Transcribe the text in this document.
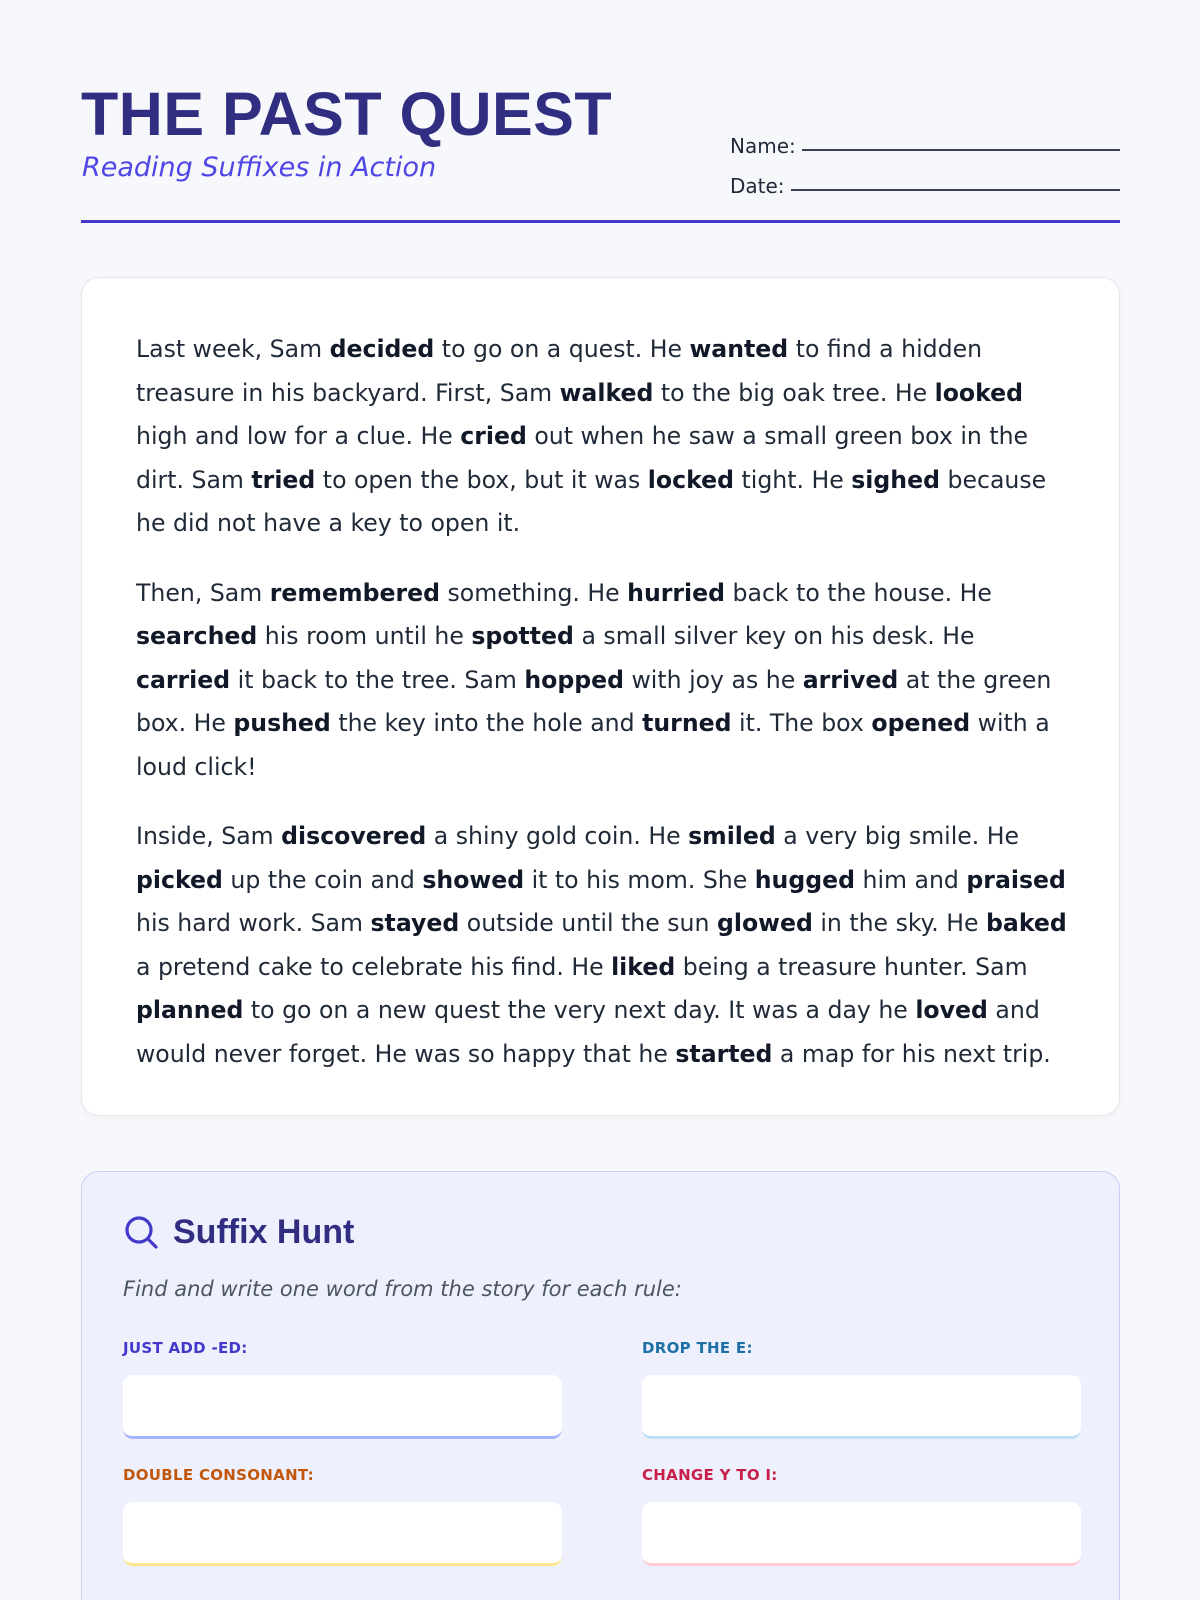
THE PAST QUEST
Reading Suffixes in Action
Name:
Date:

Last week, Sam decided to go on a quest. He wanted to find a hidden treasure in his backyard. First, Sam walked to the big oak tree. He looked high and low for a clue. He cried out when he saw a small green box in the dirt. Sam tried to open the box, but it was locked tight. He sighed because he did not have a key to open it.

Then, Sam remembered something. He hurried back to the house. He searched his room until he spotted a small silver key on his desk. He carried it back to the tree. Sam hopped with joy as he arrived at the green box. He pushed the key into the hole and turned it. The box opened with a loud click!

Inside, Sam discovered a shiny gold coin. He smiled a very big smile. He picked up the coin and showed it to his mom. She hugged him and praised his hard work. Sam stayed outside until the sun glowed in the sky. He baked a pretend cake to celebrate his find. He liked being a treasure hunter. Sam planned to go on a new quest the very next day. It was a day he loved and would never forget. He was so happy that he started a map for his next trip.

Suffix Hunt
Find and write one word from the story for each rule:
JUST ADD -ED:	DROP THE E:
DOUBLE CONSONANT:	CHANGE Y TO I:
